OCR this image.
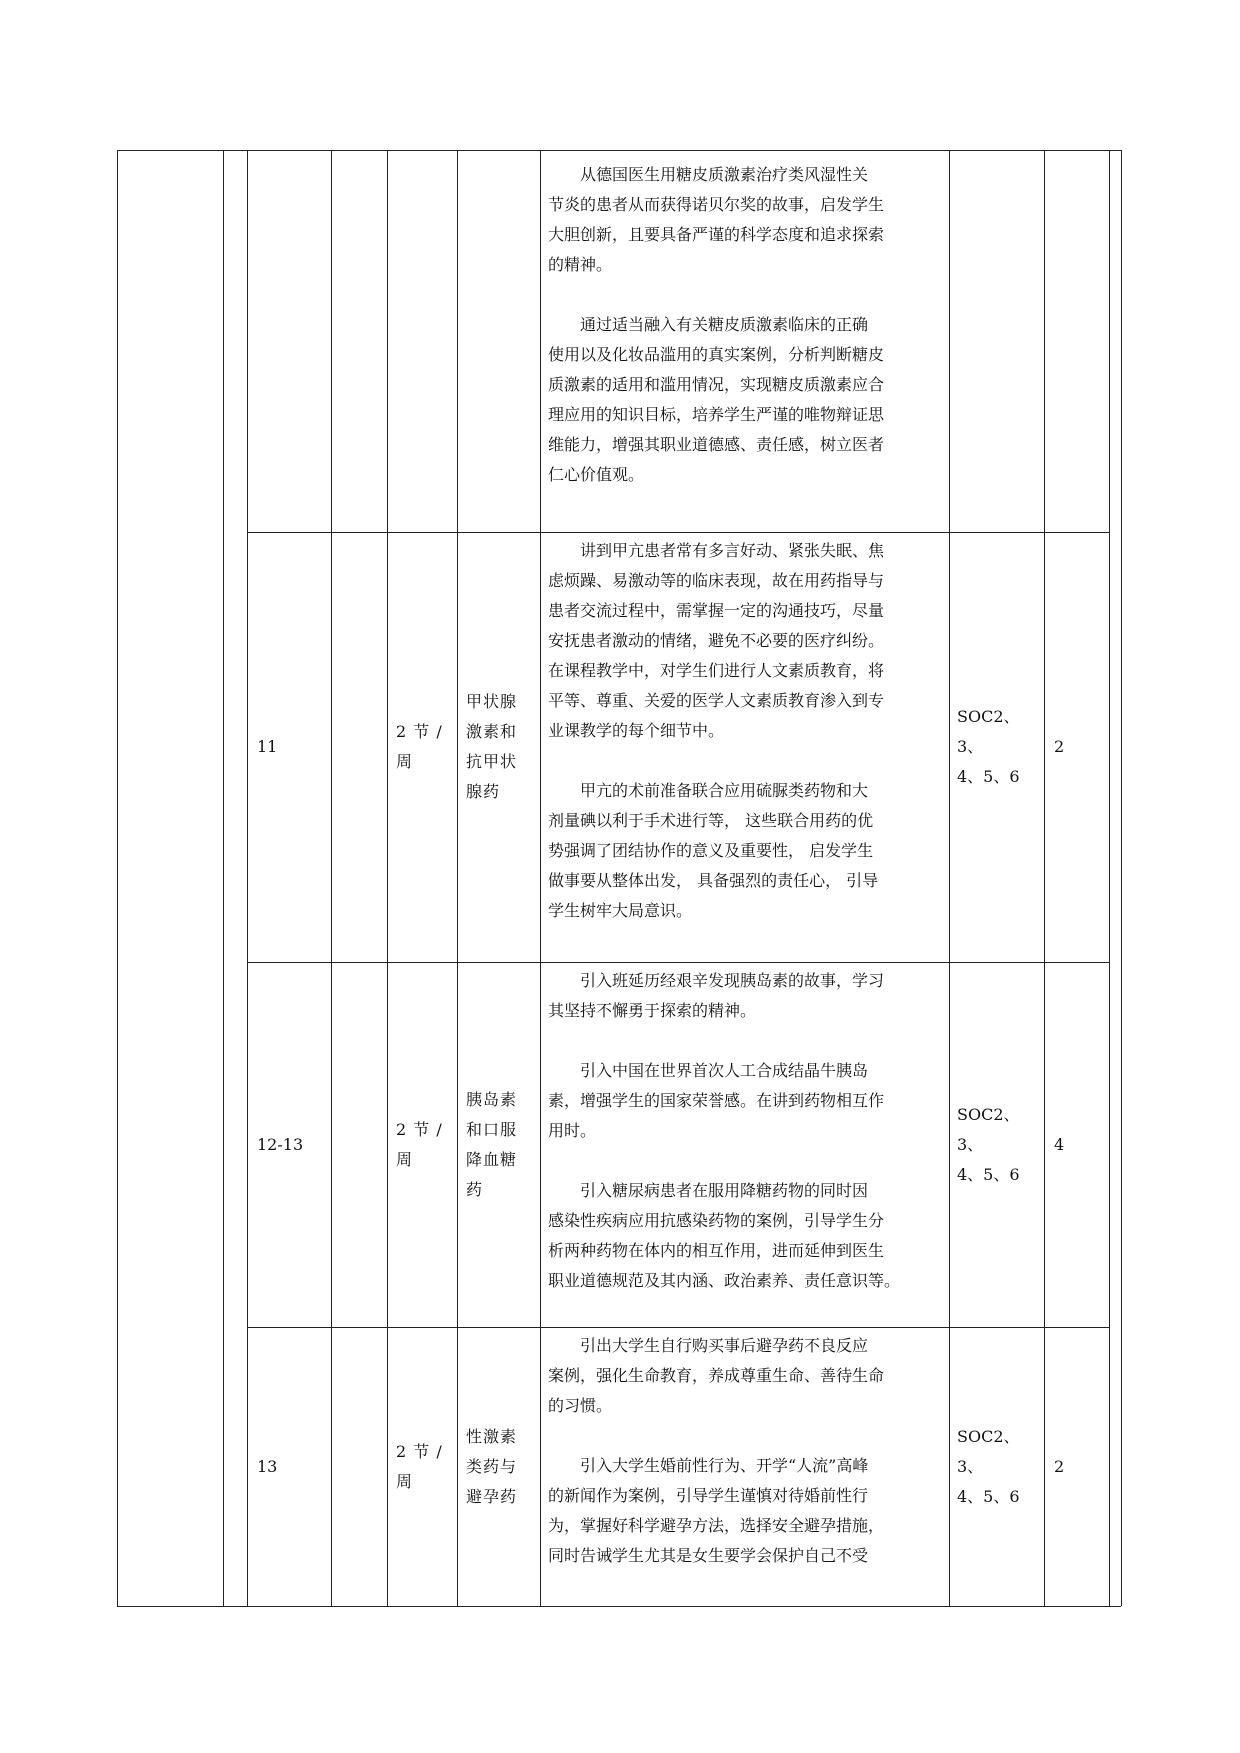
　　从德国医生用糖皮质激素治疗类风湿性关
节炎的患者从而获得诺贝尔奖的故事，启发学生
大胆创新，且要具备严谨的科学态度和追求探索
的精神。
　　通过适当融入有关糖皮质激素临床的正确
使用以及化妆品滥用的真实案例，分析判断糖皮
质激素的适用和滥用情况，实现糖皮质激素应合
理应用的知识目标，培养学生严谨的唯物辩证思
维能力，增强其职业道德感、责任感，树立医者
仁心价值观。
11
2 节 /
周
甲状腺
激素和
抗甲状
腺药
　　讲到甲亢患者常有多言好动、紧张失眠、焦
虑烦躁、易激动等的临床表现，故在用药指导与
患者交流过程中，需掌握一定的沟通技巧，尽量
安抚患者激动的情绪，避免不必要的医疗纠纷。
在课程教学中，对学生们进行人文素质教育，将
平等、尊重、关爱的医学人文素质教育渗入到专
业课教学的每个细节中。
　　甲亢的术前准备联合应用硫脲类药物和大
剂量碘以利于手术进行等， 这些联合用药的优
势强调了团结协作的意义及重要性， 启发学生
做事要从整体出发， 具备强烈的责任心， 引导
学生树牢大局意识。
SOC2、3、
4、5、6
2
12-13
2 节 /
周
胰岛素
和口服
降血糖
药
　　引入班延历经艰辛发现胰岛素的故事，学习
其坚持不懈勇于探索的精神。
　　引入中国在世界首次人工合成结晶牛胰岛
素，增强学生的国家荣誉感。在讲到药物相互作
用时。
　　引入糖尿病患者在服用降糖药物的同时因
感染性疾病应用抗感染药物的案例，引导学生分
析两种药物在体内的相互作用，进而延伸到医生
职业道德规范及其内涵、政治素养、责任意识等。
SOC2、3、
4、5、6
4
13
2 节 /
周
性激素
类药与
避孕药
　　引出大学生自行购买事后避孕药不良反应
案例，强化生命教育，养成尊重生命、善待生命
的习惯。
　　引入大学生婚前性行为、开学“人流”高峰
的新闻作为案例，引导学生谨慎对待婚前性行
为，掌握好科学避孕方法，选择安全避孕措施，
同时告诫学生尤其是女生要学会保护自己不受
SOC2、3、
4、5、6
2
